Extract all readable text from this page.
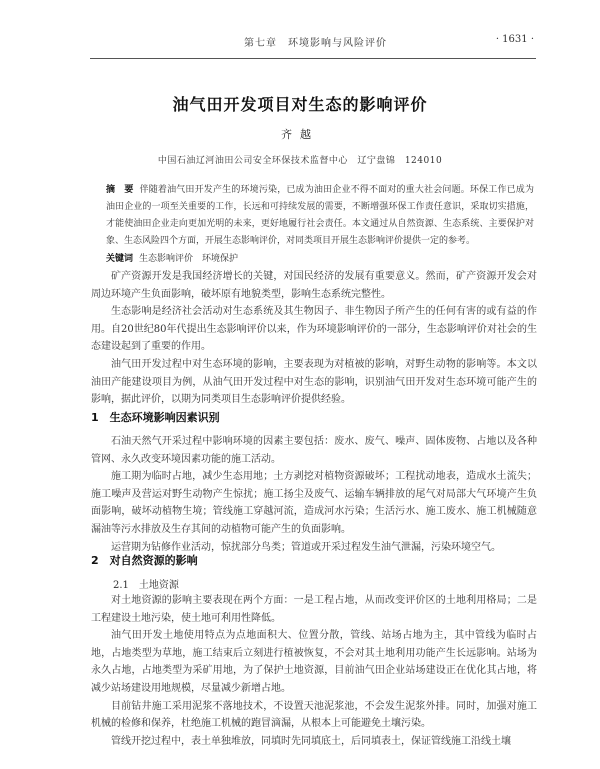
第七章　环境影响与风险评价	· 1631 ·
油气田开发项目对生态的影响评价
齐越
中国石油辽河油田公司安全环保技术监督中心　辽宁盘锦　124010
摘　要 伴随着油气田开发产生的环境污染，已成为油田企业不得不面对的重大社会问题。环保工作已成为油田企业的一项至关重要的工作，长远和可持续发展的需要，不断增强环保工作责任意识，采取切实措施，才能使油田企业走向更加光明的未来，更好地履行社会责任。本文通过从自然资源、生态系统、主要保护对象、生态风险四个方面，开展生态影响评价，对同类项目开展生态影响评价提供一定的参考。
关键词 生态影响评价　环境保护

矿产资源开发是我国经济增长的关键，对国民经济的发展有重要意义。然而，矿产资源开发会对周边环境产生负面影响，破坏原有地貌类型，影响生态系统完整性。

生态影响是经济社会活动对生态系统及其生物因子、非生物因子所产生的任何有害的或有益的作用。自20世纪80年代提出生态影响评价以来，作为环境影响评价的一部分，生态影响评价对社会的生态建设起到了重要的作用。

油气田开发过程中对生态环境的影响，主要表现为对植被的影响，对野生动物的影响等。本文以油田产能建设项目为例，从油气田开发过程中对生态的影响，识别油气田开发对生态环境可能产生的影响，据此评价，以期为同类项目生态影响评价提供经验。

1　生态环境影响因素识别

石油天然气开采过程中影响环境的因素主要包括：废水、废气、噪声、固体废物、占地以及各种管网、永久改变环境因素功能的施工活动。

施工期为临时占地，减少生态用地；土方剥挖对植物资源破坏；工程扰动地表，造成水土流失；施工噪声及营运对野生动物产生惊扰；施工扬尘及废气、运输车辆排放的尾气对局部大气环境产生负面影响，破坏动植物生境；管线施工穿越河流，造成河水污染；生活污水、施工废水、施工机械随意漏油等污水排放及生存其间的动植物可能产生的负面影响。

运营期为钻修作业活动，惊扰部分鸟类；管道或开采过程发生油气泄漏，污染环境空气。

2　对自然资源的影响
2.1　土地资源

对土地资源的影响主要表现在两个方面：一是工程占地，从而改变评价区的土地利用格局；二是工程建设土地污染，使土地可利用性降低。

油气田开发土地使用特点为点地面积大、位置分散，管线、站场占地为主，其中管线为临时占地，占地类型为草地，施工结束后立刻进行植被恢复，不会对其土地利用功能产生长远影响。站场为永久占地，占地类型为采矿用地，为了保护土地资源，目前油气田企业站场建设正在优化其占地，将减少站场建设用地规模，尽量减少新增占地。

目前钻井施工采用泥浆不落地技术，不设置天池泥浆池，不会发生泥浆外排。同时，加强对施工机械的检修和保养，杜绝施工机械的跑冒滴漏，从根本上可能避免土壤污染。

管线开挖过程中，表土单独堆放，同填时先同填底土，后同填表土，保证管线施工沿线土壤
